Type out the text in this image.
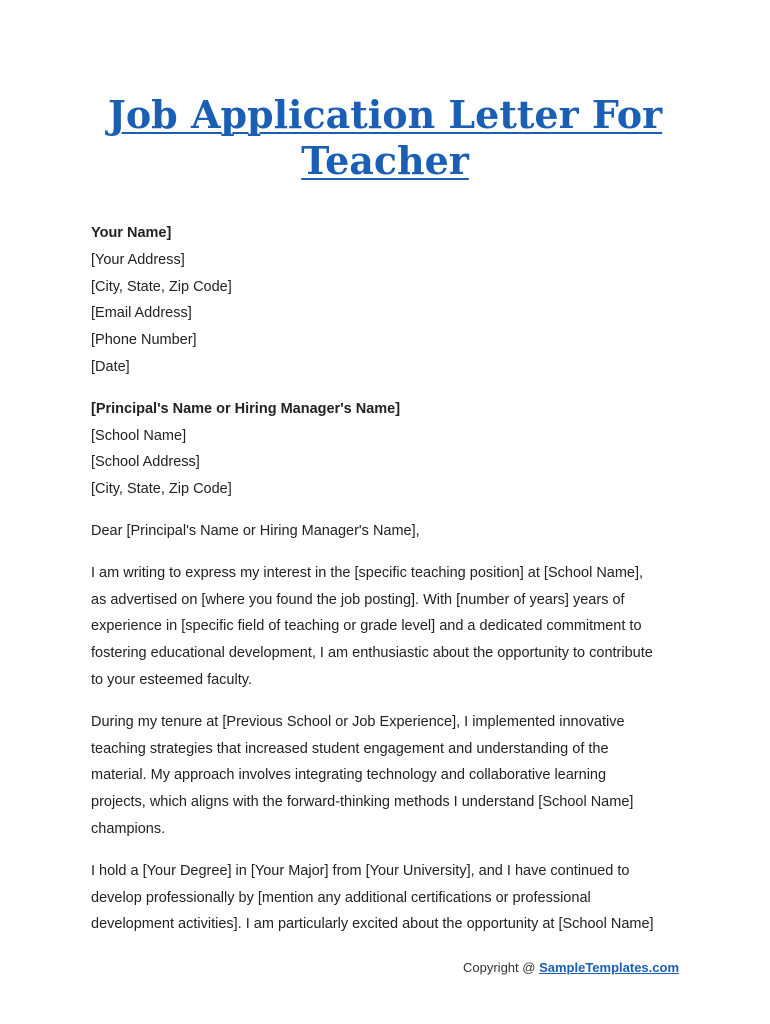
Job Application Letter For
Teacher
Your Name]
[Your Address]
[City, State, Zip Code]
[Email Address]
[Phone Number]
[Date]
[Principal's Name or Hiring Manager's Name]
[School Name]
[School Address]
[City, State, Zip Code]
Dear [Principal's Name or Hiring Manager's Name],
I am writing to express my interest in the [specific teaching position] at [School Name],
as advertised on [where you found the job posting]. With [number of years] years of
experience in [specific field of teaching or grade level] and a dedicated commitment to
fostering educational development, I am enthusiastic about the opportunity to contribute
to your esteemed faculty.
During my tenure at [Previous School or Job Experience], I implemented innovative
teaching strategies that increased student engagement and understanding of the
material. My approach involves integrating technology and collaborative learning
projects, which aligns with the forward-thinking methods I understand [School Name]
champions.
I hold a [Your Degree] in [Your Major] from [Your University], and I have continued to
develop professionally by [mention any additional certifications or professional
development activities]. I am particularly excited about the opportunity at [School Name]
Copyright @ SampleTemplates.com
